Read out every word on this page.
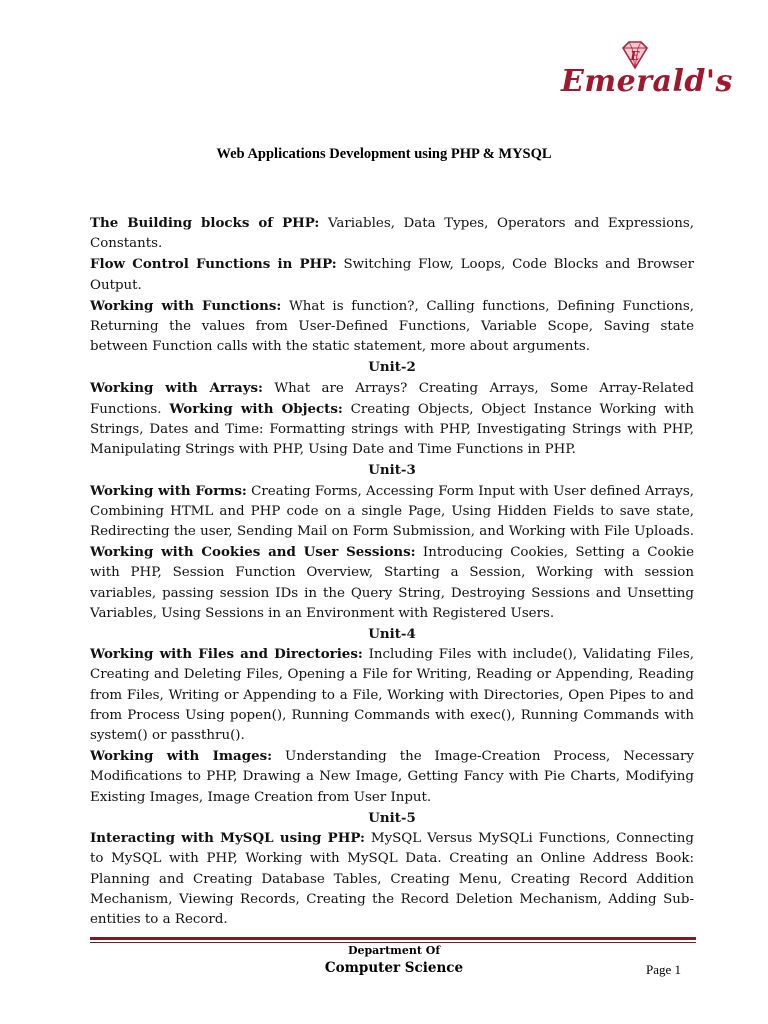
E
Emerald's
Web Applications Development using PHP & MYSQL
The Building blocks of PHP: Variables, Data Types, Operators and Expressions, Constants.
Flow Control Functions in PHP: Switching Flow, Loops, Code Blocks and Browser Output.
Working with Functions: What is function?, Calling functions, Defining Functions, Returning the values from User-Defined Functions, Variable Scope, Saving state between Function calls with the static statement, more about arguments.
Unit-2
Working with Arrays: What are Arrays? Creating Arrays, Some Array-Related Functions. Working with Objects: Creating Objects, Object Instance Working with Strings, Dates and Time: Formatting strings with PHP, Investigating Strings with PHP, Manipulating Strings with PHP, Using Date and Time Functions in PHP.
Unit-3
Working with Forms: Creating Forms, Accessing Form Input with User defined Arrays, Combining HTML and PHP code on a single Page, Using Hidden Fields to save state, Redirecting the user, Sending Mail on Form Submission, and Working with File Uploads. Working with Cookies and User Sessions: Introducing Cookies, Setting a Cookie with PHP, Session Function Overview, Starting a Session, Working with session variables, passing session IDs in the Query String, Destroying Sessions and Unsetting Variables, Using Sessions in an Environment with Registered Users.
Unit-4
Working with Files and Directories: Including Files with include(), Validating Files, Creating and Deleting Files, Opening a File for Writing, Reading or Appending, Reading from Files, Writing or Appending to a File, Working with Directories, Open Pipes to and from Process Using popen(), Running Commands with exec(), Running Commands with system() or passthru().
Working with Images: Understanding the Image-Creation Process, Necessary Modifications to PHP, Drawing a New Image, Getting Fancy with Pie Charts, Modifying Existing Images, Image Creation from User Input.
Unit-5
Interacting with MySQL using PHP: MySQL Versus MySQLi Functions, Connecting to MySQL with PHP, Working with MySQL Data. Creating an Online Address Book: Planning and Creating Database Tables, Creating Menu, Creating Record Addition Mechanism, Viewing Records, Creating the Record Deletion Mechanism, Adding Sub-entities to a Record.
Department Of
Computer Science	Page 1
